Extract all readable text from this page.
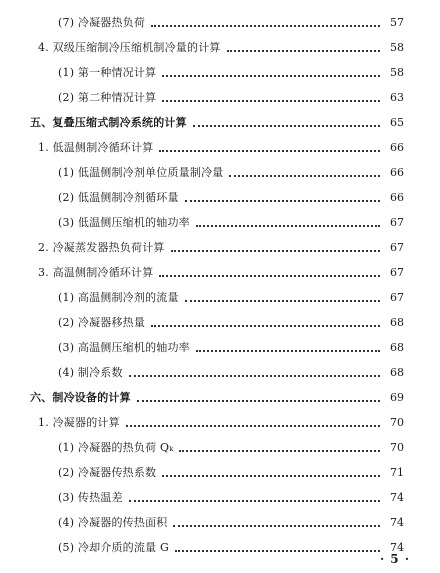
(7) 冷凝器热负荷	57
4. 双级压缩制冷压缩机制冷量的计算	58
(1) 第一种情况计算	58
(2) 第二种情况计算	63
五、复叠压缩式制冷系统的计算	65
1. 低温侧制冷循环计算	66
(1) 低温侧制冷剂单位质量制冷量	66
(2) 低温侧制冷剂循环量	66
(3) 低温侧压缩机的轴功率	67
2. 冷凝蒸发器热负荷计算	67
3. 高温侧制冷循环计算	67
(1) 高温侧制冷剂的流量	67
(2) 冷凝器移热量	68
(3) 高温侧压缩机的轴功率	68
(4) 制冷系数	68
六、制冷设备的计算	69
1. 冷凝器的计算	70
(1) 冷凝器的热负荷 Qₖ	70
(2) 冷凝器传热系数	71
(3) 传热温差	74
(4) 冷凝器的传热面积	74
(5) 冷却介质的流量 G	74
· 5 ·
